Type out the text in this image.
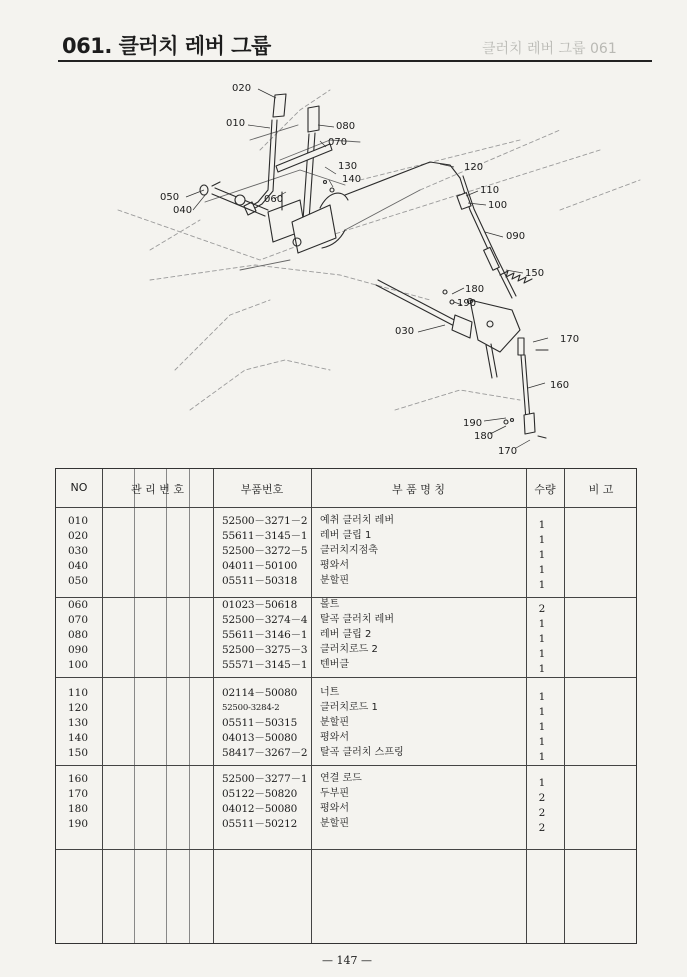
061. 클러치 레버 그룹	클러치 레버 그룹 061
020
010	080
070
130
140
050
040
060
120
110
100
090
150
180
190
030
170
160
190
180
170
NO	관 리 번 호	부품번호	부 품 명 칭	수량	비 고
010	52500－3271－2 예취 클러치 레버	1
020	55611－3145－1 레버 클립 1	1
030	52500－3272－5 클러치지점축	1
040	04011－50100 평와서	1
050	05511－50318 분할핀	1
060	01023－50618 볼트	2
070	52500－3274－4 탈곡 클러치 레버	1
080	55611－3146－1 레버 클립 2	1
090	52500－3275－3 클러치로드 2	1
100	55571－3145－1 텐버클	1
110	02114－50080 너트	1
120	52500-3284-2	클러치로드 1	1
130	05511－50315 분할핀	1
140	04013－50080 평와서	1
150	58417－3267－2 탈곡 클러치 스프링	1
160	52500－3277－1 연결 로드	1
170	05122－50820 두부핀	2
180	04012－50080 평와서	2
190	05511－50212 분할핀	2
— 147 —
